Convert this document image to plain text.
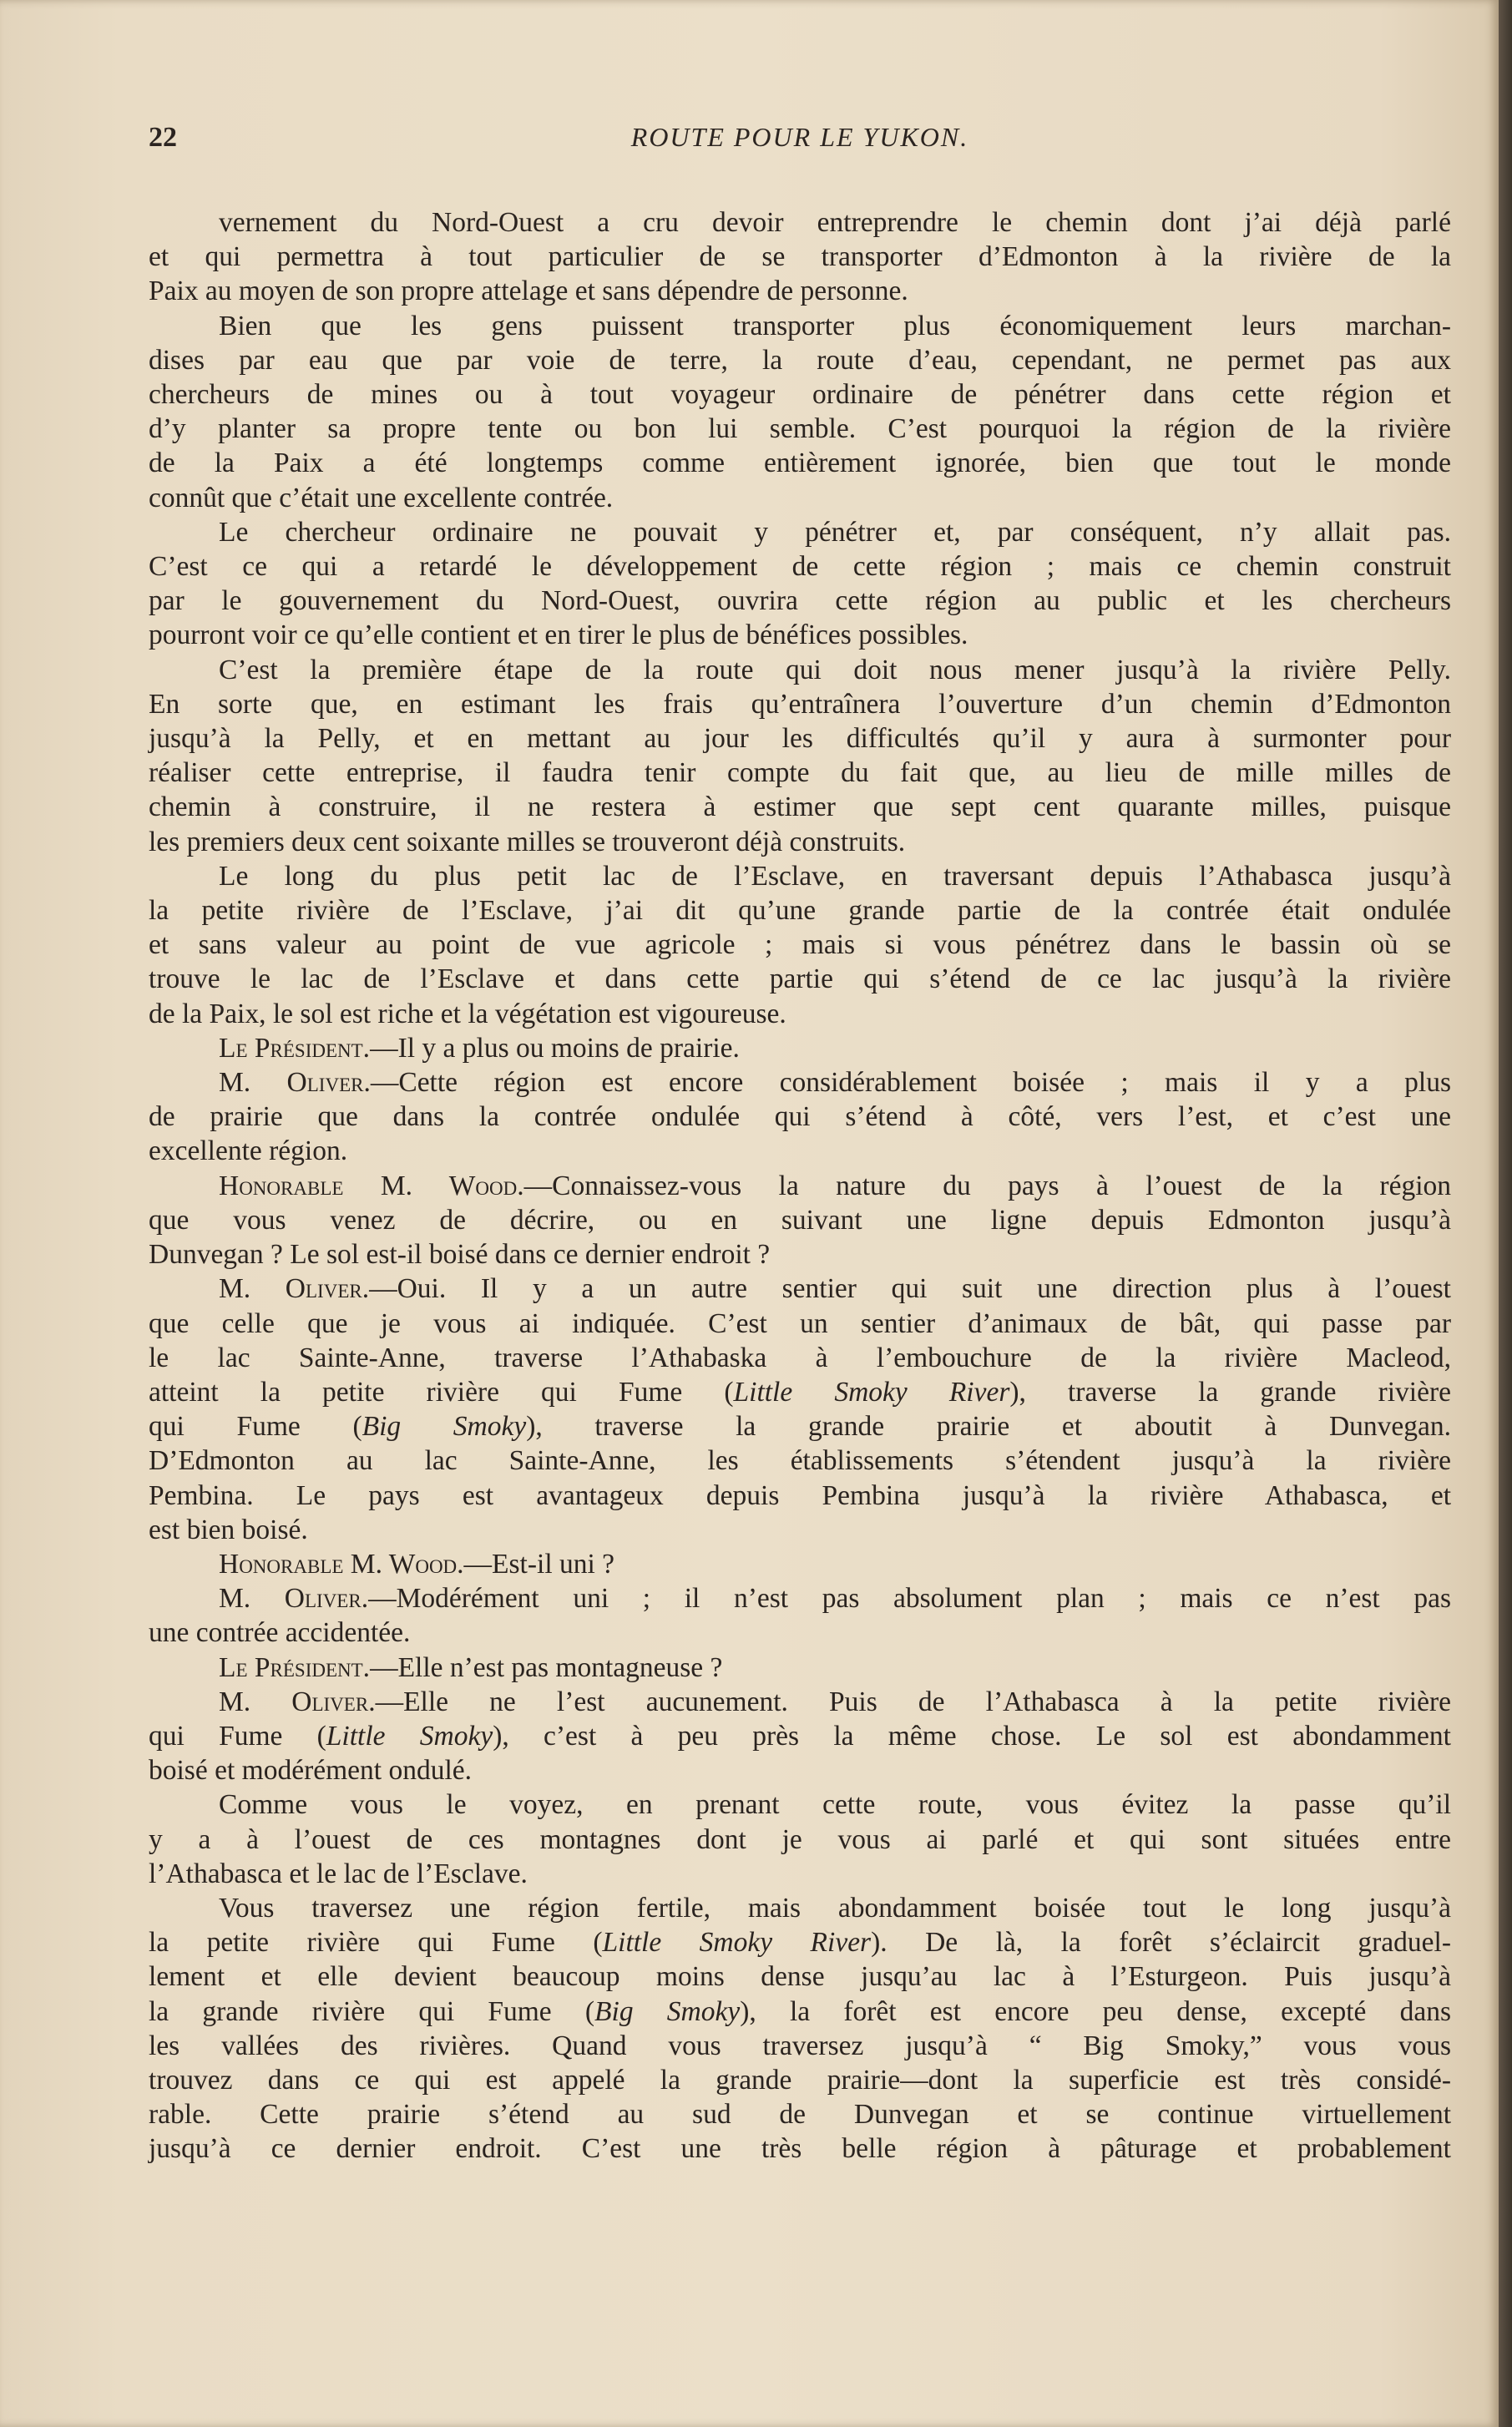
22	ROUTE POUR LE YUKON.
vernement du Nord-Ouest a cru devoir entreprendre le chemin dont j’ai déjà parlé
et qui permettra à tout particulier de se transporter d’Edmonton à la rivière de la
Paix au moyen de son propre attelage et sans dépendre de personne.
Bien que les gens puissent transporter plus économiquement leurs marchan-
dises par eau que par voie de terre, la route d’eau, cependant, ne permet pas aux
chercheurs de mines ou à tout voyageur ordinaire de pénétrer dans cette région et
d’y planter sa propre tente ou bon lui semble. C’est pourquoi la région de la rivière
de la Paix a été longtemps comme entièrement ignorée, bien que tout le monde
connût que c’était une excellente contrée.
Le chercheur ordinaire ne pouvait y pénétrer et, par conséquent, n’y allait pas.
C’est ce qui a retardé le développement de cette région ; mais ce chemin construit
par le gouvernement du Nord-Ouest, ouvrira cette région au public et les chercheurs
pourront voir ce qu’elle contient et en tirer le plus de bénéfices possibles.
C’est la première étape de la route qui doit nous mener jusqu’à la rivière Pelly.
En sorte que, en estimant les frais qu’entraînera l’ouverture d’un chemin d’Edmonton
jusqu’à la Pelly, et en mettant au jour les difficultés qu’il y aura à surmonter pour
réaliser cette entreprise, il faudra tenir compte du fait que, au lieu de mille milles de
chemin à construire, il ne restera à estimer que sept cent quarante milles, puisque
les premiers deux cent soixante milles se trouveront déjà construits.
Le long du plus petit lac de l’Esclave, en traversant depuis l’Athabasca jusqu’à
la petite rivière de l’Esclave, j’ai dit qu’une grande partie de la contrée était ondulée
et sans valeur au point de vue agricole ; mais si vous pénétrez dans le bassin où se
trouve le lac de l’Esclave et dans cette partie qui s’étend de ce lac jusqu’à la rivière
de la Paix, le sol est riche et la végétation est vigoureuse.
Le Président.—Il y a plus ou moins de prairie.
M. Oliver.—Cette région est encore considérablement boisée ; mais il y a plus
de prairie que dans la contrée ondulée qui s’étend à côté, vers l’est, et c’est une
excellente région.
Honorable M. Wood.—Connaissez-vous la nature du pays à l’ouest de la région
que vous venez de décrire, ou en suivant une ligne depuis Edmonton jusqu’à
Dunvegan ? Le sol est-il boisé dans ce dernier endroit ?
M. Oliver.—Oui. Il y a un autre sentier qui suit une direction plus à l’ouest
que celle que je vous ai indiquée. C’est un sentier d’animaux de bât, qui passe par
le lac Sainte-Anne, traverse l’Athabaska à l’embouchure de la rivière Macleod,
atteint la petite rivière qui Fume (Little Smoky River), traverse la grande rivière
qui Fume (Big Smoky), traverse la grande prairie et aboutit à Dunvegan.
D’Edmonton au lac Sainte-Anne, les établissements s’étendent jusqu’à la rivière
Pembina. Le pays est avantageux depuis Pembina jusqu’à la rivière Athabasca, et
est bien boisé.
Honorable M. Wood.—Est-il uni ?
M. Oliver.—Modérément uni ; il n’est pas absolument plan ; mais ce n’est pas
une contrée accidentée.
Le Président.—Elle n’est pas montagneuse ?
M. Oliver.—Elle ne l’est aucunement. Puis de l’Athabasca à la petite rivière
qui Fume (Little Smoky), c’est à peu près la même chose. Le sol est abondamment
boisé et modérément ondulé.
Comme vous le voyez, en prenant cette route, vous évitez la passe qu’il
y a à l’ouest de ces montagnes dont je vous ai parlé et qui sont situées entre
l’Athabasca et le lac de l’Esclave.
Vous traversez une région fertile, mais abondamment boisée tout le long jusqu’à
la petite rivière qui Fume (Little Smoky River). De là, la forêt s’éclaircit graduel-
lement et elle devient beaucoup moins dense jusqu’au lac à l’Esturgeon. Puis jusqu’à
la grande rivière qui Fume (Big Smoky), la forêt est encore peu dense, excepté dans
les vallées des rivières. Quand vous traversez jusqu’à “ Big Smoky,” vous vous
trouvez dans ce qui est appelé la grande prairie—dont la superficie est très considé-
rable. Cette prairie s’étend au sud de Dunvegan et se continue virtuellement
jusqu’à ce dernier endroit. C’est une très belle région à pâturage et probablement
